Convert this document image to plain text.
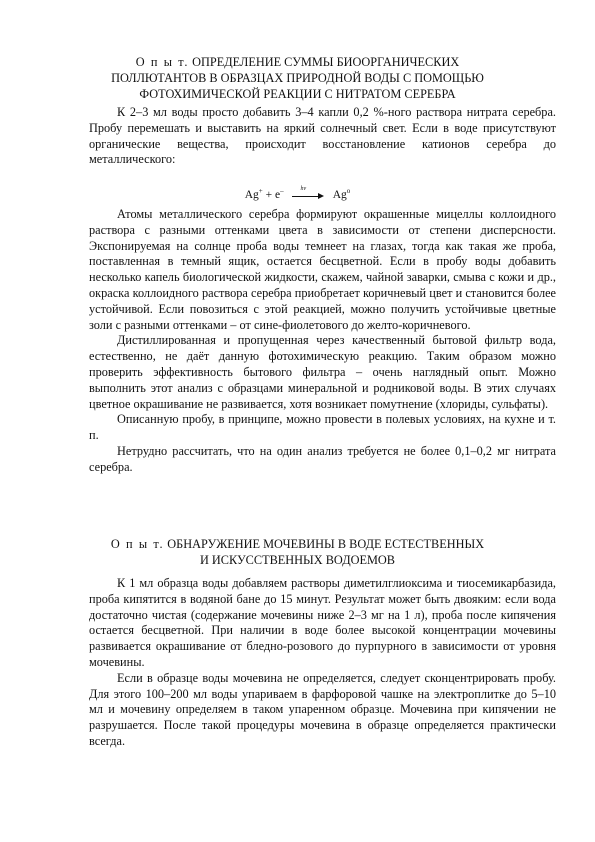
О п ы т. ОПРЕДЕЛЕНИЕ СУММЫ БИООРГАНИЧЕСКИХ
ПОЛЛЮТАНТОВ В ОБРАЗЦАХ ПРИРОДНОЙ ВОДЫ С ПОМОЩЬЮ
ФОТОХИМИЧЕСКОЙ РЕАКЦИИ С НИТРАТОМ СЕРЕБРА

К 2–3 мл воды просто добавить 3–4 капли 0,2 %-ного раствора нитрата серебра. Пробу перемешать и выставить на яркий солнечный свет. Если в воде присутствуют органические вещества, происходит восстановление катионов серебра до металлического:

Ag+ + e–	hv Ag$^o$

Атомы металлического серебра формируют окрашенные мицеллы коллоидного раствора с разными оттенками цвета в зависимости от степени дисперсности. Экспонируемая на солнце проба воды темнеет на глазах, тогда как такая же проба, поставленная в темный ящик, остается бесцветной. Если в пробу воды добавить несколько капель биологической жидкости, скажем, чайной заварки, смыва с кожи и др., окраска коллоидного раствора серебра приобретает коричневый цвет и становится более устойчивой. Если повозиться с этой реакцией, можно получить устойчивые цветные золи с разными оттенками – от сине-фиолетового до желто-коричневого.

Дистиллированная и пропущенная через качественный бытовой фильтр вода, естественно, не даёт данную фотохимическую реакцию. Таким образом можно проверить эффективность бытового фильтра – очень наглядный опыт. Можно выполнить этот анализ с образцами минеральной и родниковой воды. В этих случаях цветное окрашивание не развивается, хотя возникает помутнение (хлориды, сульфаты).

Описанную пробу, в принципе, можно провести в полевых условиях, на кухне и т. п.

Нетрудно рассчитать, что на один анализ требуется не более 0,1–0,2 мг нитрата серебра.

О п ы т. ОБНАРУЖЕНИЕ МОЧЕВИНЫ В ВОДЕ ЕСТЕСТВЕННЫХ
И ИСКУССТВЕННЫХ ВОДОЕМОВ

К 1 мл образца воды добавляем растворы диметилглиоксима и тиосемикарбазида, проба кипятится в водяной бане до 15 минут. Результат может быть двояким: если вода достаточно чистая (содержание мочевины ниже 2–3 мг на 1 л), проба после кипячения остается бесцветной. При наличии в воде более высокой концентрации мочевины развивается окрашивание от бледно-розового до пурпурного в зависимости от уровня мочевины.

Если в образце воды мочевина не определяется, следует сконцентрировать пробу. Для этого 100–200 мл воды упариваем в фарфоровой чашке на электроплитке до 5–10 мл и мочевину определяем в таком упаренном образце. Мочевина при кипячении не разрушается. После такой процедуры мочевина в образце определяется практически всегда.
